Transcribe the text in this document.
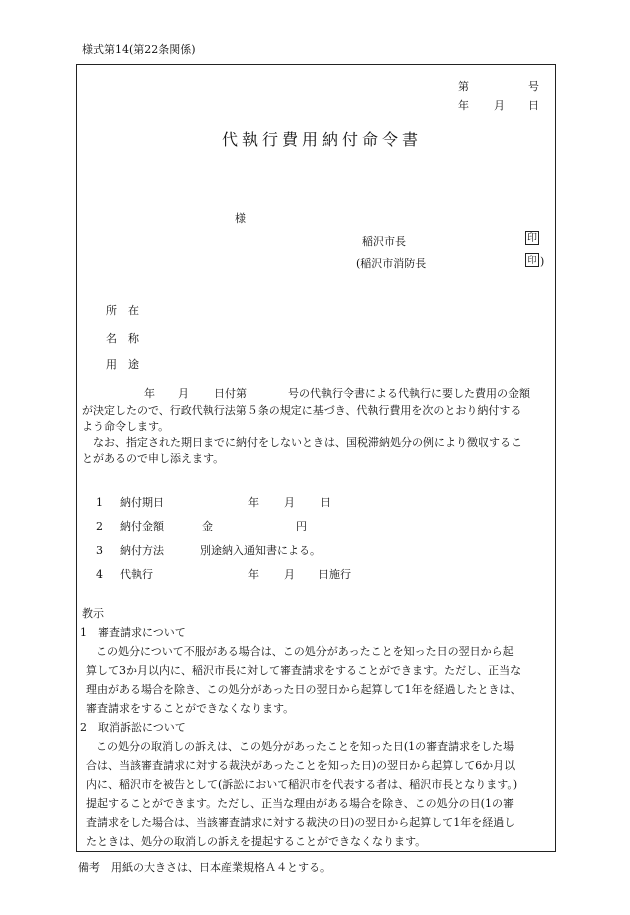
様式第14(第22条関係)
第	号
年 月 日
代執行費用納付命令書
様
稲沢市長	印
(稲沢市消防長	印 )
所　在
名　称
用　途
年 月 日付第	号の代執行令書による代執行に要した費用の金額
が決定したので、行政代執行法第５条の規定に基づき、代執行費用を次のとおり納付する
よう命令します。
　なお、指定された期日までに納付をしないときは、国税滞納処分の例により徴収するこ
とがあるので申し添えます。
1 納付期日	年 月 日
2 納付金額	金	円
3 納付方法	別途納入通知書による。
4 代執行	年 月 日施行

教示

1　審査請求について

この処分について不服がある場合は、この処分があったことを知った日の翌日から起

算して3か月以内に、稲沢市長に対して審査請求をすることができます。ただし、正当な

理由がある場合を除き、この処分があった日の翌日から起算して1年を経過したときは、

審査請求をすることができなくなります。

2　取消訴訟について

この処分の取消しの訴えは、この処分があったことを知った日(1の審査請求をした場

合は、当該審査請求に対する裁決があったことを知った日)の翌日から起算して6か月以

内に、稲沢市を被告として(訴訟において稲沢市を代表する者は、稲沢市長となります。)

提起することができます。ただし、正当な理由がある場合を除き、この処分の日(1の審

査請求をした場合は、当該審査請求に対する裁決の日)の翌日から起算して1年を経過し

たときは、処分の取消しの訴えを提起することができなくなります。

備考　用紙の大きさは、日本産業規格Ａ４とする。
